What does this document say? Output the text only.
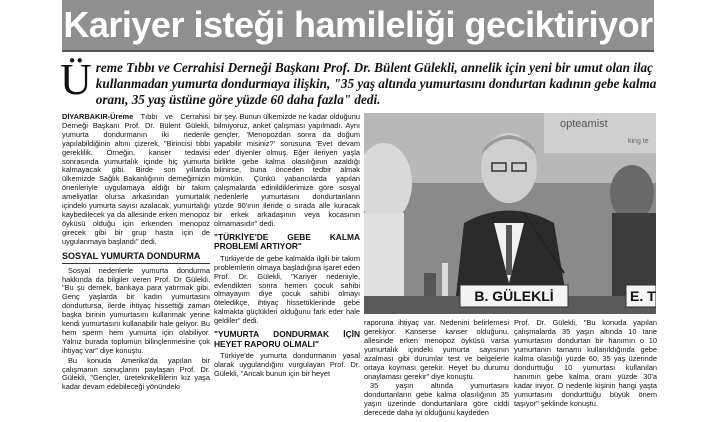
Kariyer isteği hamileliği geciktiriyor
Üreme Tıbbı ve Cerrahisi Derneği Başkanı Prof. Dr. Bülent Gülekli, annelik için yeni bir umut olan ilaç kullanmadan yumurta dondurmaya ilişkin, "35 yaş altında yumurtasını dondurtan kadının gebe kalma oranı, 35 yaş üstüne göre yüzde 60 daha fazla" dedi.

DİYARBAKIR-Üreme Tıbbı ve Cerrahisi Derneği Başkanı Prof. Dr. Bülent Gülekli, yumurta dondurmanın iki nedenle yapılabildiğinin altını çizerek, "Birincisi tıbbi gereklilik. Örneğin, kanser tedavisi sonrasında yumurtalık içinde hiç yumurta kalmayacak gibi. Birde son yıllarda ülkemizde Sağlık Bakanlığının derneğimizin önerileriyle uygulamaya aldığı bir takım ameliyatlar olursa arkasından yumurtalık içindeki yumurta sayısı azalacak, yumurtalığı kaybedilecek ya da allesinde erken menopoz öyküsü olduğu için erkenden menopoz girecek gibi bir grup hasta için de uygulanmaya başlandı" dedi.

SOSYAL YUMURTA DONDURMA

Sosyal nedenlerle yumurta dondurma hakkında da bilgiler veren Prof. Dr Gülekli, "Bu şu demek, bankaya para yatırmak gibi. Genç yaşlarda bir kadın yumurtasını dondurtursa, ilerde ihtiyaç hissettiği zaman başka birinin yumurtasını kullanmak yerine kendi yumurtasını kullanabilir hale geliyor. Bu hem sperm hem yumurta için olabiliyor. Yalnız burada toplumun bilinçlenmesine çok ihtiyaç var" diye konuştu.

Bu konuda Amerika'da yapılan bir çalışmanın sonuçlarını paylaşan Prof. Dr. Gülekli, "Gençler, üreteknikellilerin kız yaşa kadar devam edebileceği yönündeki

bir şey. Bunun ülkemizde ne kadar olduğunu bilmiyoruz, anket çalışması yapılmadı. Aynı gençler, 'Menopozdan sonra da doğum yapabilir misiniz?' sorusuna 'Evet devam eder' diyenler olmuş. Eğer ileriyen yaşla birlikte gebe kalma olasılığının azaldığı bilinirse, buna önceden tedbir almak mümkün. Çünkü yabancılarda yapılan çalışmalarda edinildiklerimize göre sosyal nedenlerle yumurtasını dondurtanların yüzde 90'ının ileride o sırada alle kuracak bir erkek arkadaşının veya kocasının olmamasıdır" dedi.

"TÜRKİYE'DE GEBE KALMA PROBLEMİ ARTIYOR"

Türkiye'de de gebe kalmakla ilgili bir takım problemlerin olmaya başladığına işaret eden Prof. Dr. Gülekli, "Kariyer nedeniyle, evlendikten sonra hemen çocuk sahibi olmayayım diye çocuk sahibi olmayı öteledikçe, ihtiyaç hissettiklerinde gebe kalmakta güçlükleri olduğunu fark eder hale geldiler" dedi.

"YUMURTA DONDURMAK İÇİN HEYET RAPORU OLMALI"

Türkiye'de yumurta dondurmanın yasal olarak uygulandığını vurgulayan Prof. Dr. Gülekli, "Ancak bunun için bir heyet

opteamist
king te
B. GÜLEKLİ	E. T

raporuna ihtiyaç var. Nedenini belirlemesi gerekiyor. Kanserse kanser olduğunu, allesinde erken menopoz öyküsü varsa yumurtalık içindeki yumurta sayısının azalması gibi durumlar test ve belgelerle ortaya koyması gerekir. Heyet bu durumu onaylaması gerekir" diye konuştu.

35 yaşın altında yumurtasını dondurtanların gebe kalma olasılığının 35 yaşın üzerinde dondurtanlara göre ciddi derecede daha iyi olduğunu kaydeden

Prof. Dr. Gülekli, "Bu konuda yapılan çalışmalarda 35 yaşın altında 10 tane yumurtasını dondurtan bir hanımın o 10 yumurtanın tamamı kullanıldığında gebe kalma olasılığı yüzde 60, 35 yaş üzerinde dondurttuğu 10 yumurtası kullanılan hanımın gebe kalma oranı yüzde 30'a kadar iniyor. O nedenle kişinin hangi yaşta yumurtasını dondurttuğu büyük önem taşıyor" şeklinde konuştu.
